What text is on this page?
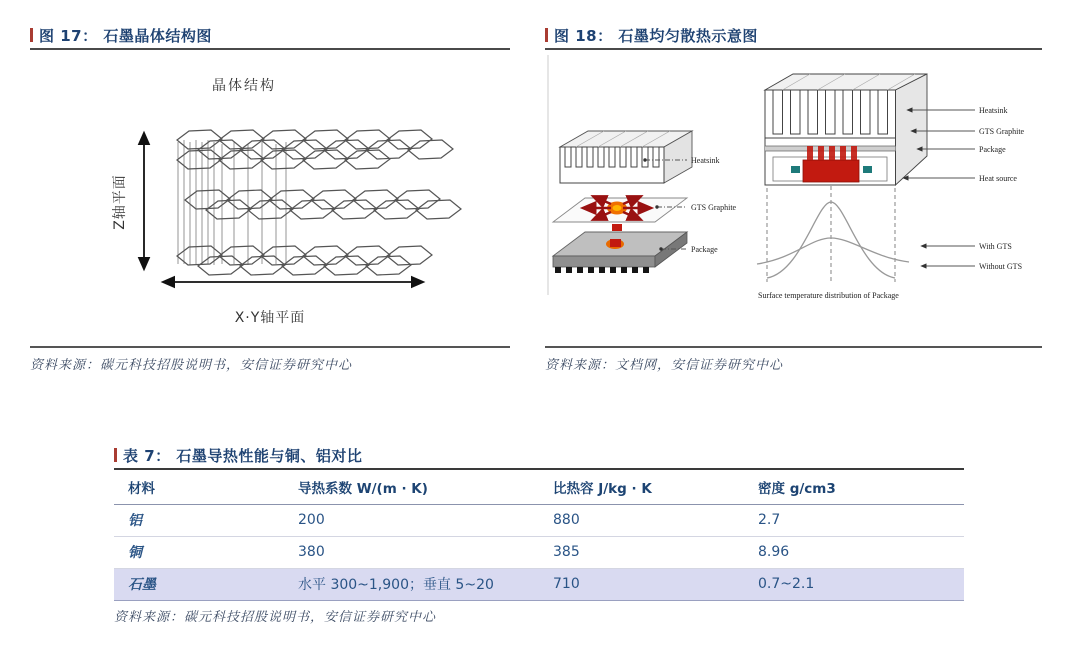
图 17： 石墨晶体结构图
晶体结构
Z轴平面
X·Y轴平面
资料来源：碳元科技招股说明书，安信证券研究中心
图 18： 石墨均匀散热示意图
Heatsink
GTS Graphite
Package
Heatsink
GTS Graphite
Package
Heat source
With GTS
Without GTS
Surface temperature distribution of Package
资料来源：文档网，安信证券研究中心
表 7： 石墨导热性能与铜、铝对比
材料	导热系数 W/(m · K)	比热容 J/kg · K	密度 g/cm3
铝	200	880	2.7
铜	380	385	8.96
石墨	水平 300~1,900；垂直 5~20	710	0.7~2.1
资料来源：碳元科技招股说明书，安信证券研究中心
